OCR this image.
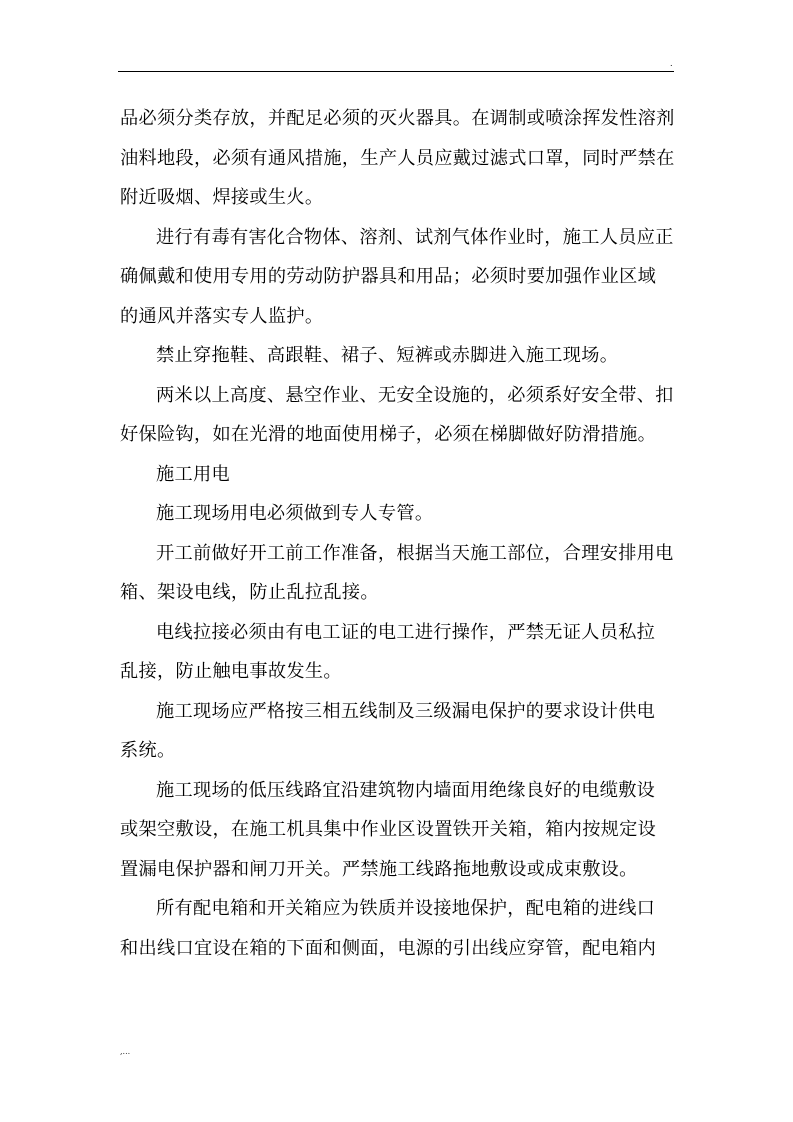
.
品必须分类存放，并配足必须的灭火器具。在调制或喷涂挥发性溶剂
油料地段，必须有通风措施，生产人员应戴过滤式口罩，同时严禁在
附近吸烟、焊接或生火。
进行有毒有害化合物体、溶剂、试剂气体作业时，施工人员应正
确佩戴和使用专用的劳动防护器具和用品；必须时要加强作业区域
的通风并落实专人监护。
禁止穿拖鞋、高跟鞋、裙子、短裤或赤脚进入施工现场。
两米以上高度、悬空作业、无安全设施的，必须系好安全带、扣
好保险钩，如在光滑的地面使用梯子，必须在梯脚做好防滑措施。
施工用电
施工现场用电必须做到专人专管。
开工前做好开工前工作准备，根据当天施工部位，合理安排用电
箱、架设电线，防止乱拉乱接。
电线拉接必须由有电工证的电工进行操作，严禁无证人员私拉
乱接，防止触电事故发生。
施工现场应严格按三相五线制及三级漏电保护的要求设计供电
系统。
施工现场的低压线路宜沿建筑物内墙面用绝缘良好的电缆敷设
或架空敷设，在施工机具集中作业区设置铁开关箱，箱内按规定设
置漏电保护器和闸刀开关。严禁施工线路拖地敷设或成束敷设。
所有配电箱和开关箱应为铁质并设接地保护，配电箱的进线口
和出线口宜设在箱的下面和侧面，电源的引出线应穿管，配电箱内
,...
